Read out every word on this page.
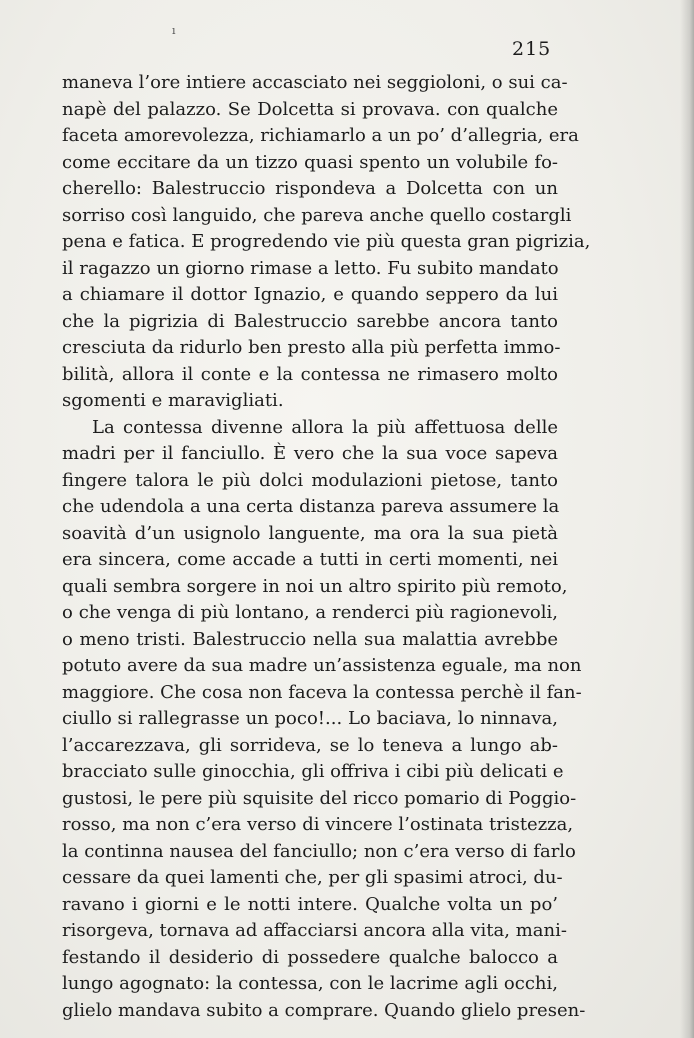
ı
215
maneva l’ore intiere accasciato nei seggioloni, o sui ca-
napè del palazzo. Se Dolcetta si provava. con qualche
faceta amorevolezza, richiamarlo a un po’ d’allegria, era
come eccitare da un tizzo quasi spento un volubile fo-
cherello: Balestruccio rispondeva a Dolcetta con un
sorriso così languido, che pareva anche quello costargli
pena e fatica. E progredendo vie più questa gran pigrizia,
il ragazzo un giorno rimase a letto. Fu subito mandato
a chiamare il dottor Ignazio, e quando seppero da lui
che la pigrizia di Balestruccio sarebbe ancora tanto
cresciuta da ridurlo ben presto alla più perfetta immo-
bilità, allora il conte e la contessa ne rimasero molto
sgomenti e maravigliati.
La contessa divenne allora la più affettuosa delle
madri per il fanciullo. È vero che la sua voce sapeva
fingere talora le più dolci modulazioni pietose, tanto
che udendola a una certa distanza pareva assumere la
soavità d’un usignolo languente, ma ora la sua pietà
era sincera, come accade a tutti in certi momenti, nei
quali sembra sorgere in noi un altro spirito più remoto,
o che venga di più lontano, a renderci più ragionevoli,
o meno tristi. Balestruccio nella sua malattia avrebbe
potuto avere da sua madre un’assistenza eguale, ma non
maggiore. Che cosa non faceva la contessa perchè il fan-
ciullo si rallegrasse un poco!... Lo baciava, lo ninnava,
l’accarezzava, gli sorrideva, se lo teneva a lungo ab-
bracciato sulle ginocchia, gli offriva i cibi più delicati e
gustosi, le pere più squisite del ricco pomario di Poggio-
rosso, ma non c’era verso di vincere l’ostinata tristezza,
la continna nausea del fanciullo; non c’era verso di farlo
cessare da quei lamenti che, per gli spasimi atroci, du-
ravano i giorni e le notti intere. Qualche volta un po’
risorgeva, tornava ad affacciarsi ancora alla vita, mani-
festando il desiderio di possedere qualche balocco a
lungo agognato: la contessa, con le lacrime agli occhi,
glielo mandava subito a comprare. Quando glielo presen-
